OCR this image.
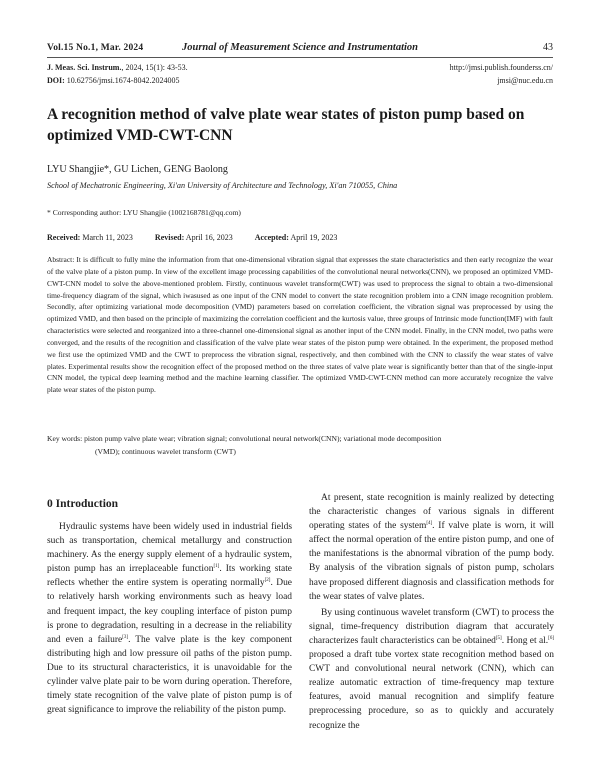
Vol.15 No.1, Mar. 2024	Journal of Measurement Science and Instrumentation	43
J. Meas. Sci. Instrum., 2024, 15(1): 43-53.
DOI: 10.62756/jmsi.1674-8042.2024005
http://jmsi.publish.founderss.cn/
jmsi@nuc.edu.cn
A recognition method of valve plate wear states of piston pump based on optimized VMD-CWT-CNN
LYU Shangjie*, GU Lichen, GENG Baolong
School of Mechatronic Engineering, Xi'an University of Architecture and Technology, Xi'an 710055, China
* Corresponding author: LYU Shangjie (1002168781@qq.com)
Received: March 11, 2023	Revised: April 16, 2023	Accepted: April 19, 2023
Abstract: It is difficult to fully mine the information from that one-dimensional vibration signal that expresses the state characteristics and then early recognize the wear of the valve plate of a piston pump. In view of the excellent image processing capabilities of the convolutional neural networks(CNN), we proposed an optimized VMD-CWT-CNN model to solve the above-mentioned problem. Firstly, continuous wavelet transform(CWT) was used to preprocess the signal to obtain a two-dimensional time-frequency diagram of the signal, which iwasused as one input of the CNN model to convert the state recognition problem into a CNN image recognition problem. Secondly, after optimizing variational mode decomposition (VMD) parameters based on correlation coefficient, the vibration signal was preprocessed by using the optimized VMD, and then based on the principle of maximizing the correlation coefficient and the kurtosis value, three groups of Intrinsic mode function(IMF) with fault characteristics were selected and reorganized into a three-channel one-dimensional signal as another input of the CNN model. Finally, in the CNN model, two paths were converged, and the results of the recognition and classification of the valve plate wear states of the piston pump were obtained. In the experiment, the proposed method we first use the optimized VMD and the CWT to preprocess the vibration signal, respectively, and then combined with the CNN to classify the wear states of valve plates. Experimental results show the recognition effect of the proposed method on the three states of valve plate wear is significantly better than that of the single-input CNN model, the typical deep learning method and the machine learning classifier. The optimized VMD-CWT-CNN method can more accurately recognize the valve plate wear states of the piston pump.
Key words: piston pump valve plate wear; vibration signal; convolutional neural network(CNN); variational mode decomposition
(VMD); continuous wavelet transform (CWT)
0 Introduction

Hydraulic systems have been widely used in industrial fields such as transportation, chemical metallurgy and construction machinery. As the energy supply element of a hydraulic system, piston pump has an irreplaceable function[1]. Its working state reflects whether the entire system is operating normally[2]. Due to relatively harsh working environments such as heavy load and frequent impact, the key coupling interface of piston pump is prone to degradation, resulting in a decrease in the reliability and even a failure[3]. The valve plate is the key component distributing high and low pressure oil paths of the piston pump. Due to its structural characteristics, it is unavoidable for the cylinder valve plate pair to be worn during operation. Therefore, timely state recognition of the valve plate of piston pump is of great significance to improve the reliability of the piston pump.

At present, state recognition is mainly realized by detecting the characteristic changes of various signals in different operating states of the system[4]. If valve plate is worn, it will affect the normal operation of the entire piston pump, and one of the manifestations is the abnormal vibration of the pump body. By analysis of the vibration signals of piston pump, scholars have proposed different diagnosis and classification methods for the wear states of valve plates.

By using continuous wavelet transform (CWT) to process the signal, time-frequency distribution diagram that accurately characterizes fault characteristics can be obtained[5]. Hong et al.[6] proposed a draft tube vortex state recognition method based on CWT and convolutional neural network (CNN), which can realize automatic extraction of time-frequency map texture features, avoid manual recognition and simplify feature preprocessing procedure, so as to quickly and accurately recognize the
